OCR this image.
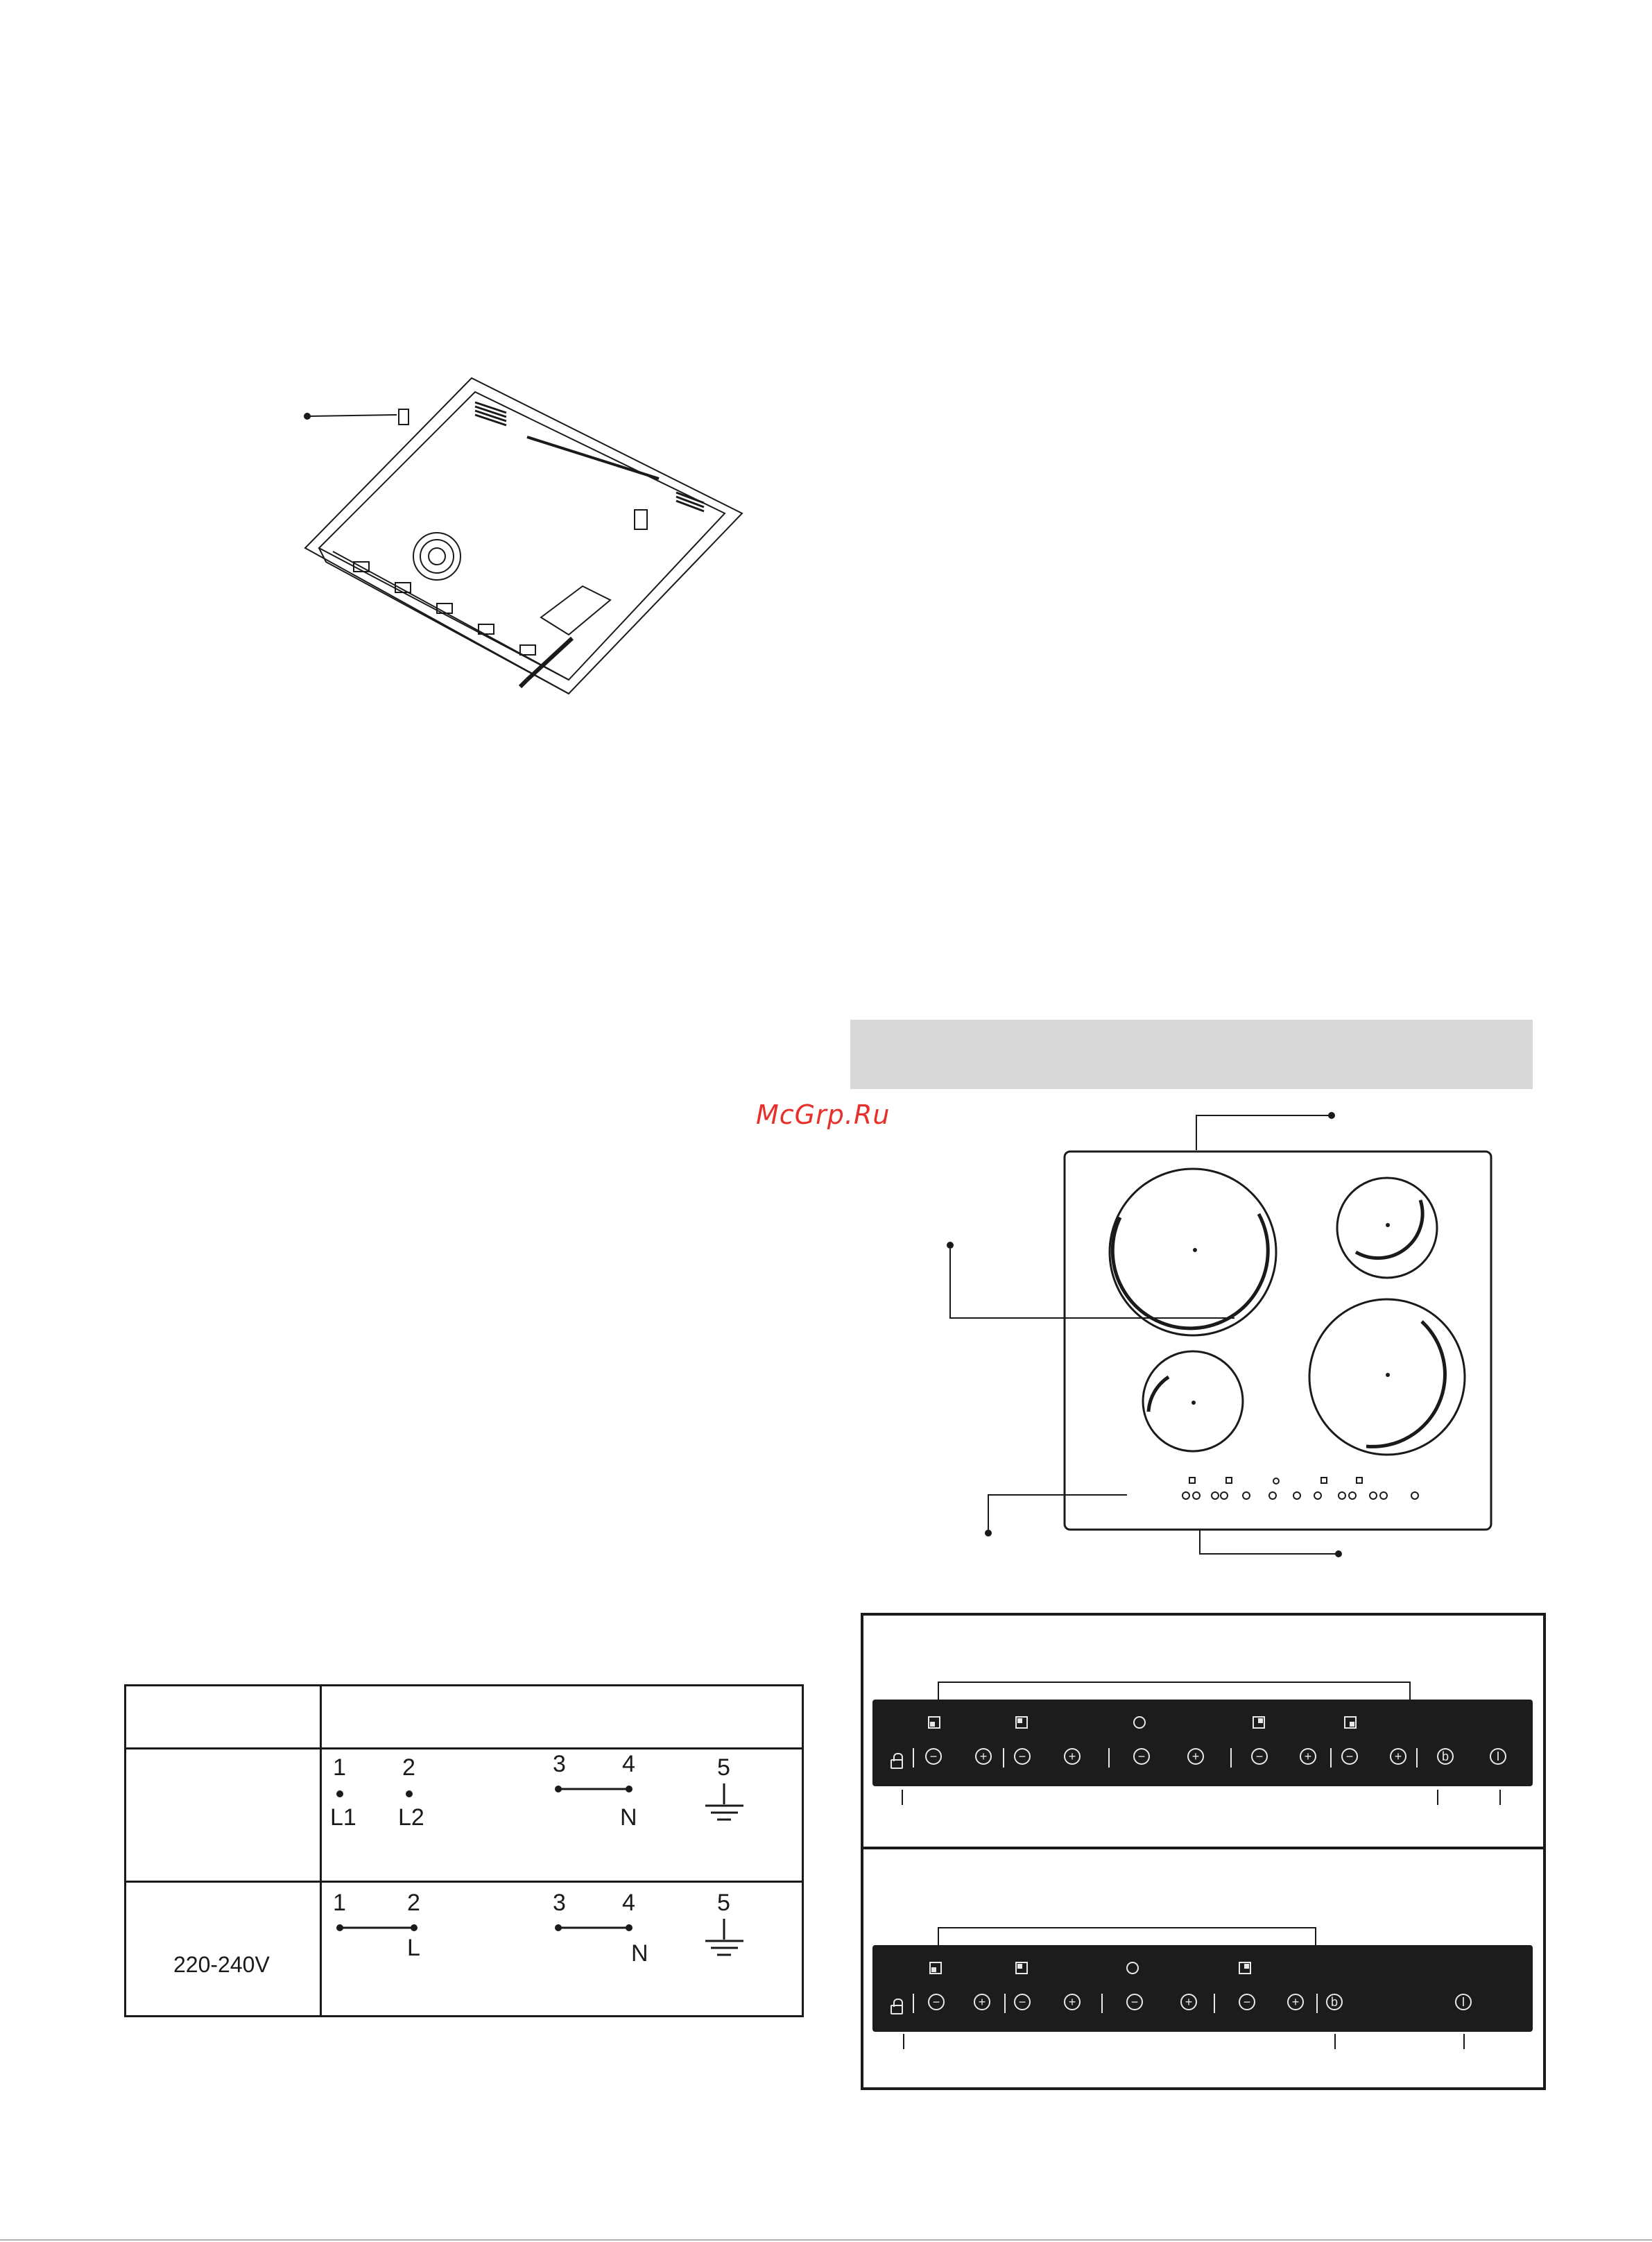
McGrp.Ru
1 2	3 4	5
L1 L2	N
220-240V
1	2	3 4	5
L	N
−	+	−	+	−	+	−	+	−	+	b	I
−	+	−	+	−	+	−	+	b	I
